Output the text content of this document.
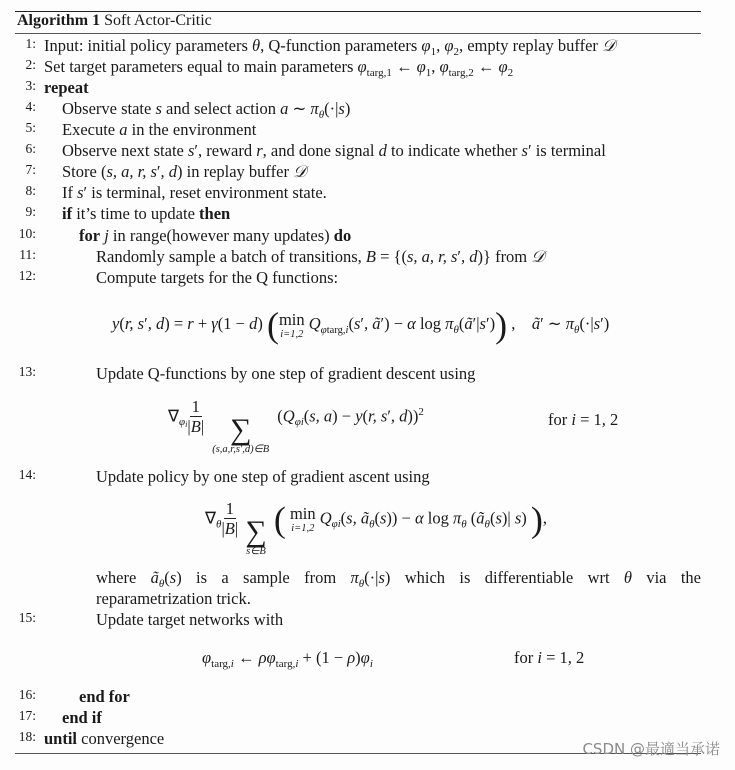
Algorithm 1 Soft Actor-Critic
1: Input: initial policy parameters θ, Q-function parameters $\varphi_1$, $\varphi_2$, empty replay buffer 𝒟
2: Set target parameters equal to main parameters $\varphi_{targ,1}$ ← $\varphi_1$, $\varphi_{targ,2}$ ← $\varphi_2$
3: repeat
4: Observe state s and select action a ∼ $\pi_\theta(\cdot|s)$
5: Execute a in the environment
6: Observe next state s′, reward r, and done signal d to indicate whether s′ is terminal
7: Store (s, a, r, s′, d) in replay buffer 𝒟
8: If s′ is terminal, reset environment state.
9: if it’s time to update then
10:	for j in range(however many updates) do
11:	Randomly sample a batch of transitions, B = {(s, a, r, s′, d)} from 𝒟
12:	Compute targets for the Q functions:
y(r, s′, d) = r + γ(1 − d) ( min
i=1,2
$Q_{\varphi targ,i}(s'$, ã′) − α $\log \pi_\theta(ã'|s')$) ,    ã′ ∼ $\pi_\theta(\cdot|s')$
13:	Update Q-functions by one step of gradient descent using
$\nabla_{\varphi_i} \frac{1}{|B|}$
∑
(s,a,r,s′,d)∈B
($Q_{\varphi i}(s$, a) − y(r, s′, d))$^2$	for i = 1, 2
14:	Update policy by one step of gradient ascent using
$\nabla_\theta \frac{1}{|B|}$
∑
s∈B
( min
i=1,2
$Q_{\varphi i}(s$, $ã_\theta(s)) - \alpha$ $\log \pi_\theta$ ($ã_\theta(s)|$ s) ),
where $ã_\theta(s)$ is a sample from $\pi_\theta(\cdot|s)$ which is differentiable wrt θ via the
reparametrization trick.
15:	Update target networks with
$\varphi_{targ,i}$ ← $\rho\varphi_{targ,i} + (1 - \rho)\varphi_i$	for i = 1, 2
16:	end for
17: end if
18: until convergence
CSDN @最適当承诺
